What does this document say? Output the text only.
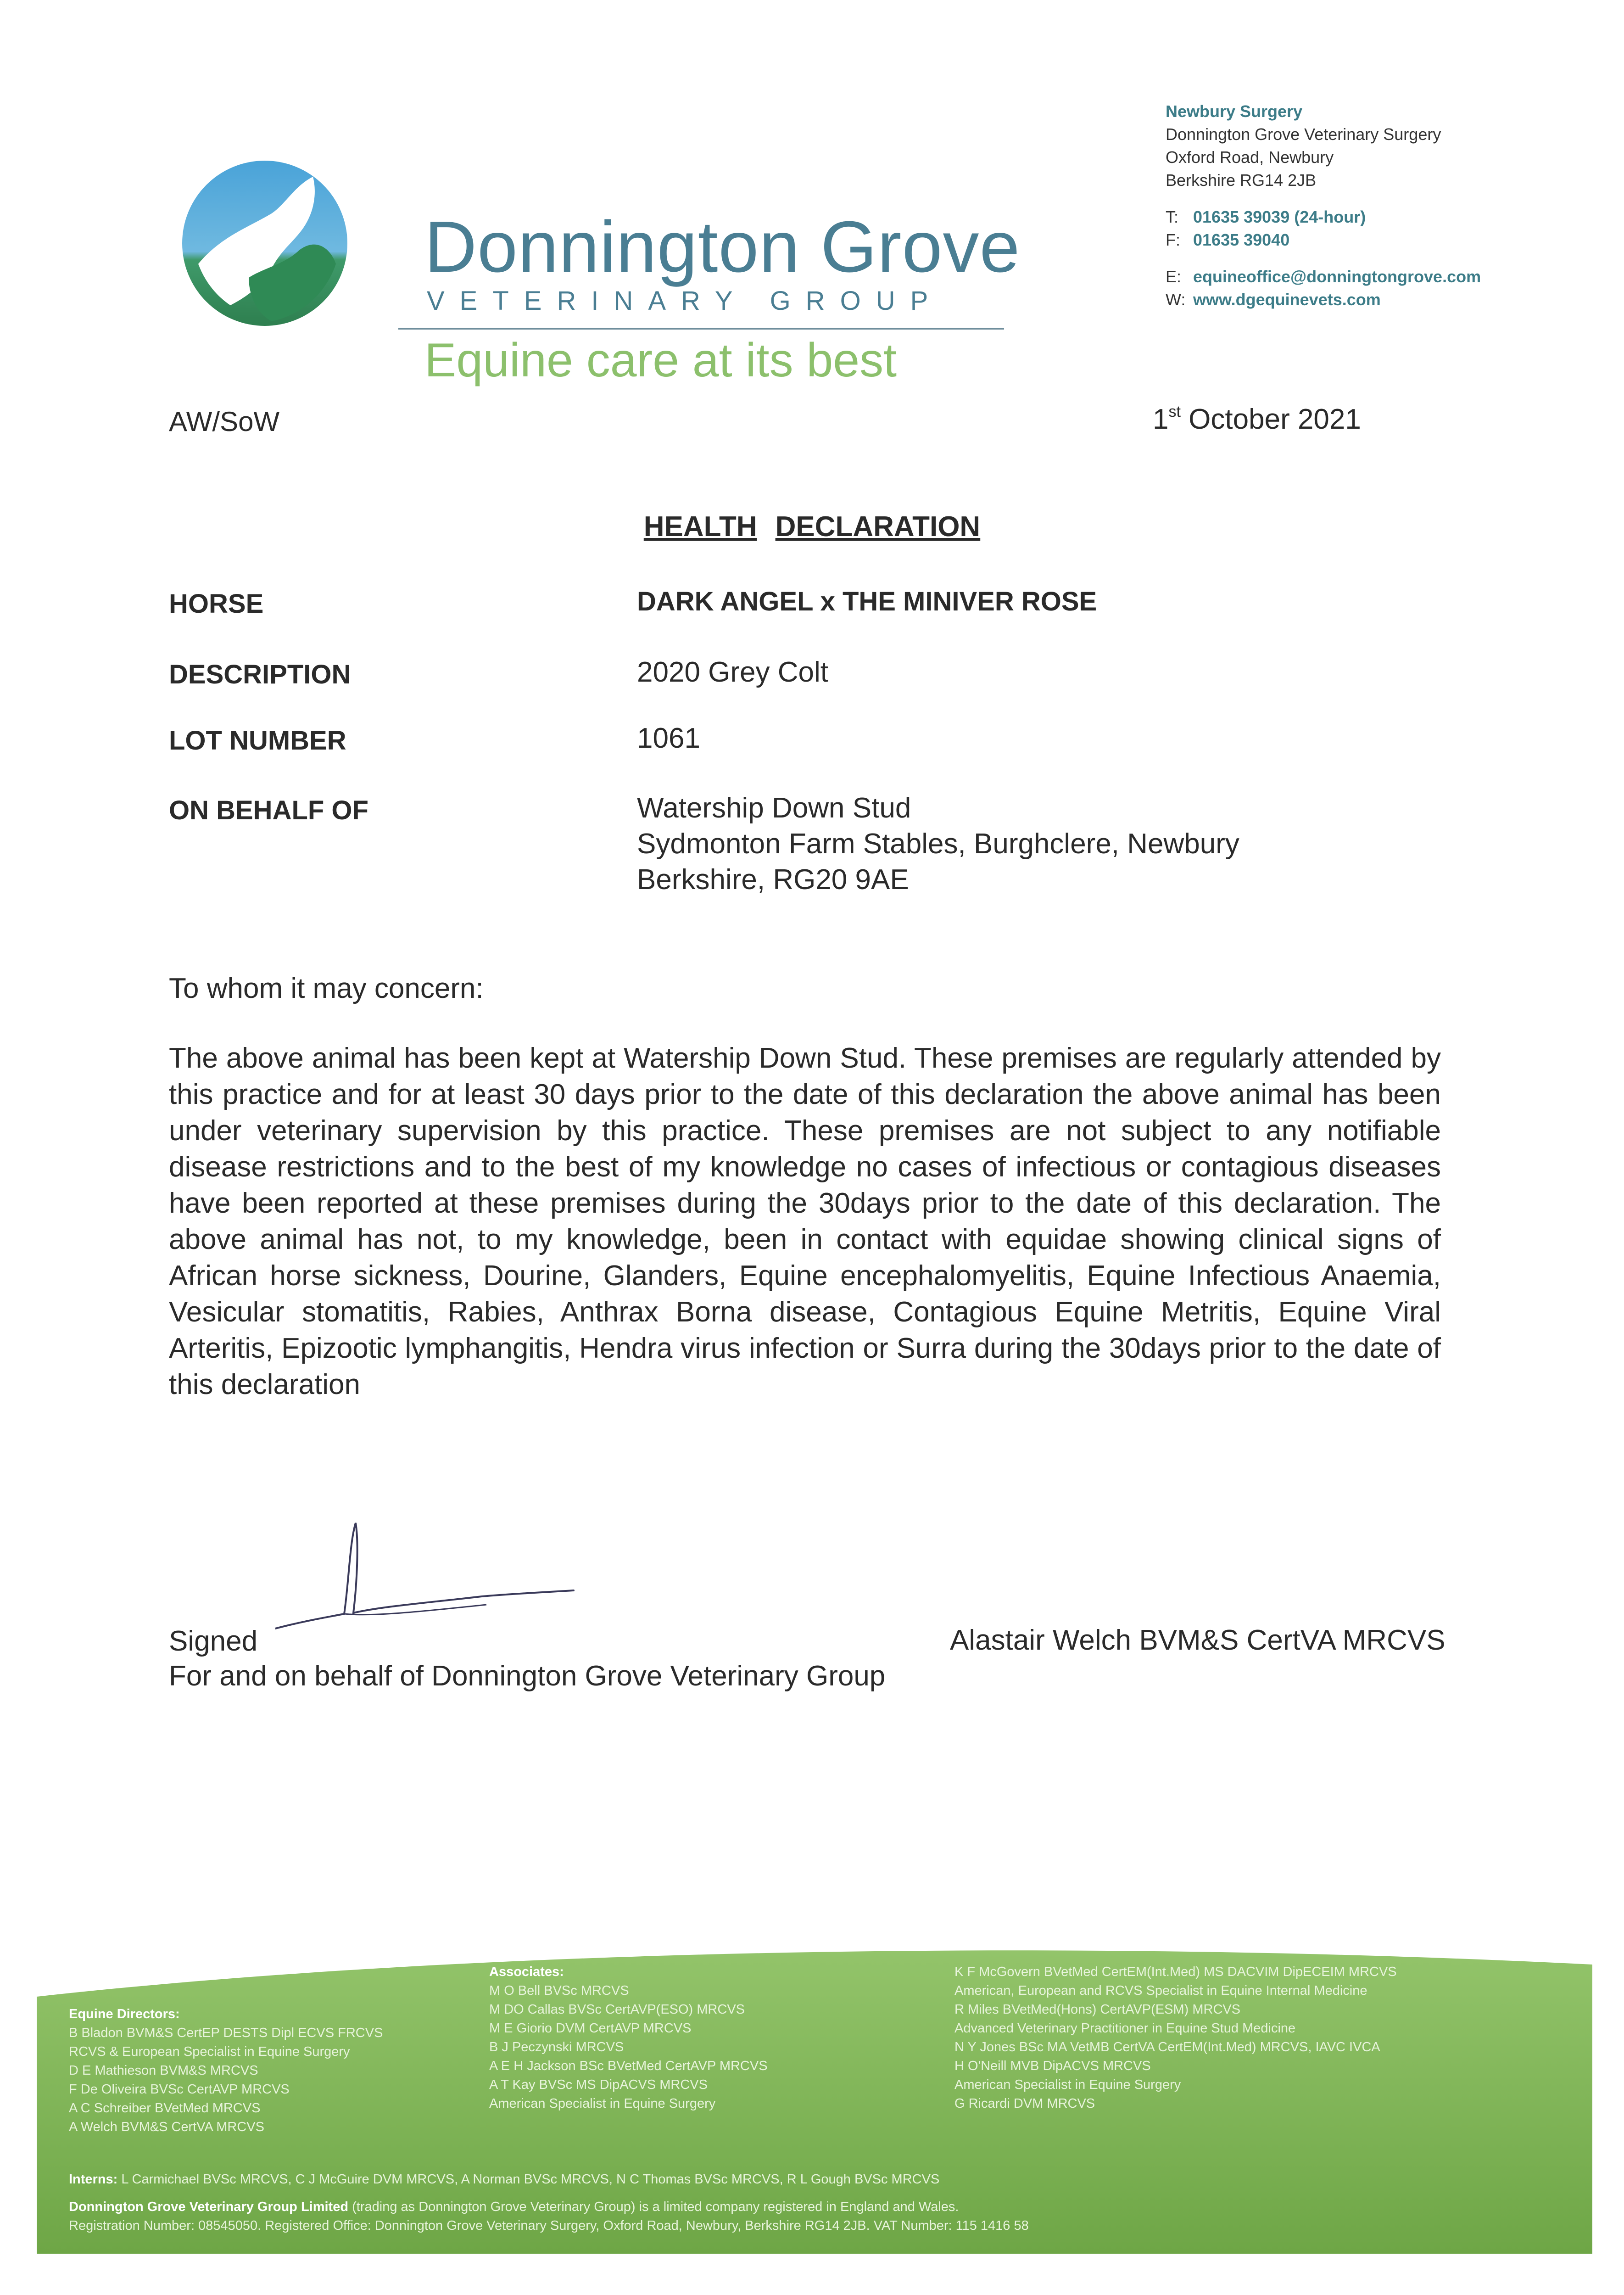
Donnington Grove
VETERINARY GROUP
Equine care at its best
Newbury Surgery
Donnington Grove Veterinary Surgery
Oxford Road, Newbury
Berkshire RG14 2JB
T: 01635 39039 (24-hour)
F: 01635 39040
E: equineoffice@donningtongrove.com
W: www.dgequinevets.com
AW/SoW	1st October 2021
HEALTH DECLARATION
HORSE	DARK ANGEL x THE MINIVER ROSE
DESCRIPTION	2020 Grey Colt
LOT NUMBER	1061
ON BEHALF OF	Watership Down Stud
Sydmonton Farm Stables, Burghclere, Newbury
Berkshire, RG20 9AE
To whom it may concern:
The above animal has been kept at Watership Down Stud. These premises are regularly attended by this practice and for at least 30 days prior to the date of this declaration the above animal has been under veterinary supervision by this practice. These premises are not subject to any notifiable disease restrictions and to the best of my knowledge no cases of infectious or contagious diseases have been reported at these premises during the 30days prior to the date of this declaration. The above animal has not, to my knowledge, been in contact with equidae showing clinical signs of African horse sickness, Dourine, Glanders, Equine encephalomyelitis, Equine Infectious Anaemia, Vesicular stomatitis, Rabies, Anthrax Borna disease, Contagious Equine Metritis, Equine Viral Arteritis, Epizootic lymphangitis, Hendra virus infection or Surra during the 30days prior to the date of this declaration
Signed	Alastair Welch BVM&S CertVA MRCVS
For and on behalf of Donnington Grove Veterinary Group
Equine Directors:
B Bladon BVM&S CertEP DESTS Dipl ECVS FRCVS
RCVS & European Specialist in Equine Surgery
D E Mathieson BVM&S MRCVS
F De Oliveira BVSc CertAVP MRCVS
A C Schreiber BVetMed MRCVS
A Welch BVM&S CertVA MRCVS
Associates:
M O Bell BVSc MRCVS
M DO Callas BVSc CertAVP(ESO) MRCVS
M E Giorio DVM CertAVP MRCVS
B J Peczynski MRCVS
A E H Jackson BSc BVetMed CertAVP MRCVS
A T Kay BVSc MS DipACVS MRCVS
American Specialist in Equine Surgery
K F McGovern BVetMed CertEM(Int.Med) MS DACVIM DipECEIM MRCVS
American, European and RCVS Specialist in Equine Internal Medicine
R Miles BVetMed(Hons) CertAVP(ESM) MRCVS
Advanced Veterinary Practitioner in Equine Stud Medicine
N Y Jones BSc MA VetMB CertVA CertEM(Int.Med) MRCVS, IAVC IVCA
H O'Neill MVB DipACVS MRCVS
American Specialist in Equine Surgery
G Ricardi DVM MRCVS
Interns: L Carmichael BVSc MRCVS, C J McGuire DVM MRCVS, A Norman BVSc MRCVS, N C Thomas BVSc MRCVS, R L Gough BVSc MRCVS
Donnington Grove Veterinary Group Limited (trading as Donnington Grove Veterinary Group) is a limited company registered in England and Wales.
Registration Number: 08545050. Registered Office: Donnington Grove Veterinary Surgery, Oxford Road, Newbury, Berkshire RG14 2JB. VAT Number: 115 1416 58
